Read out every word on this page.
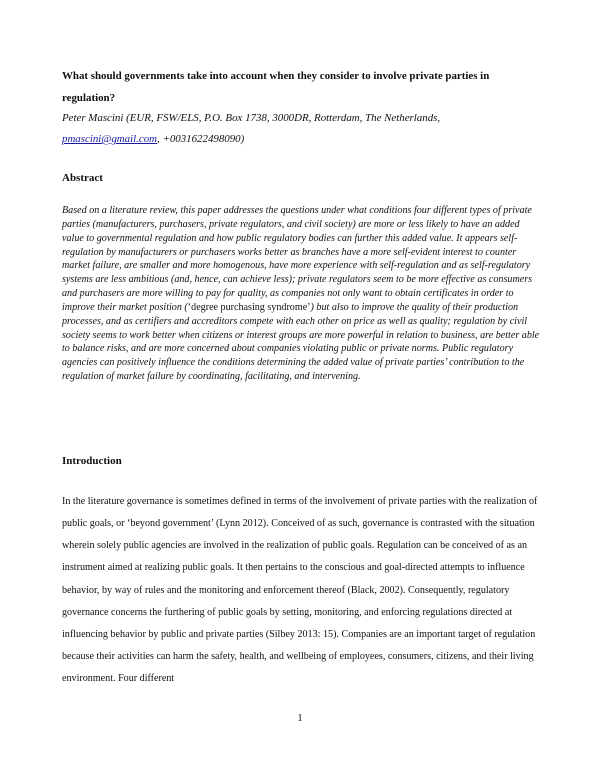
What should governments take into account when they consider to involve private parties in regulation?
Peter Mascini (EUR, FSW/ELS, P.O. Box 1738, 3000DR, Rotterdam, The Netherlands,
pmascini@gmail.com, +0031622498090)
Abstract
Based on a literature review, this paper addresses the questions under what conditions four different types of private parties (manufacturers, purchasers, private regulators, and civil society) are more or less likely to have an added value to governmental regulation and how public regulatory bodies can further this added value. It appears self-regulation by manufacturers or purchasers works better as branches have a more self-evident interest to counter market failure, are smaller and more homogenous, have more experience with self-regulation and as self-regulatory systems are less ambitious (and, hence, can achieve less); private regulators seem to be more effective as consumers and purchasers are more willing to pay for quality, as companies not only want to obtain certificates in order to improve their market position (‘degree purchasing syndrome’) but also to improve the quality of their production processes, and as certifiers and accreditors compete with each other on price as well as quality; regulation by civil society seems to work better when citizens or interest groups are more powerful in relation to business, are better able to balance risks, and are more concerned about companies violating public or private norms. Public regulatory agencies can positively influence the conditions determining the added value of private parties’ contribution to the regulation of market failure by coordinating, facilitating, and intervening.
Introduction
In the literature governance is sometimes defined in terms of the involvement of private parties with the realization of public goals, or ‘beyond government’ (Lynn 2012). Conceived of as such, governance is contrasted with the situation wherein solely public agencies are involved in the realization of public goals. Regulation can be conceived of as an instrument aimed at realizing public goals. It then pertains to the conscious and goal-directed attempts to influence behavior, by way of rules and the monitoring and enforcement thereof (Black, 2002). Consequently, regulatory governance concerns the furthering of public goals by setting, monitoring, and enforcing regulations directed at influencing behavior by public and private parties (Silbey 2013: 15). Companies are an important target of regulation because their activities can harm the safety, health, and wellbeing of employees, consumers, citizens, and their living environment. Four different
1
